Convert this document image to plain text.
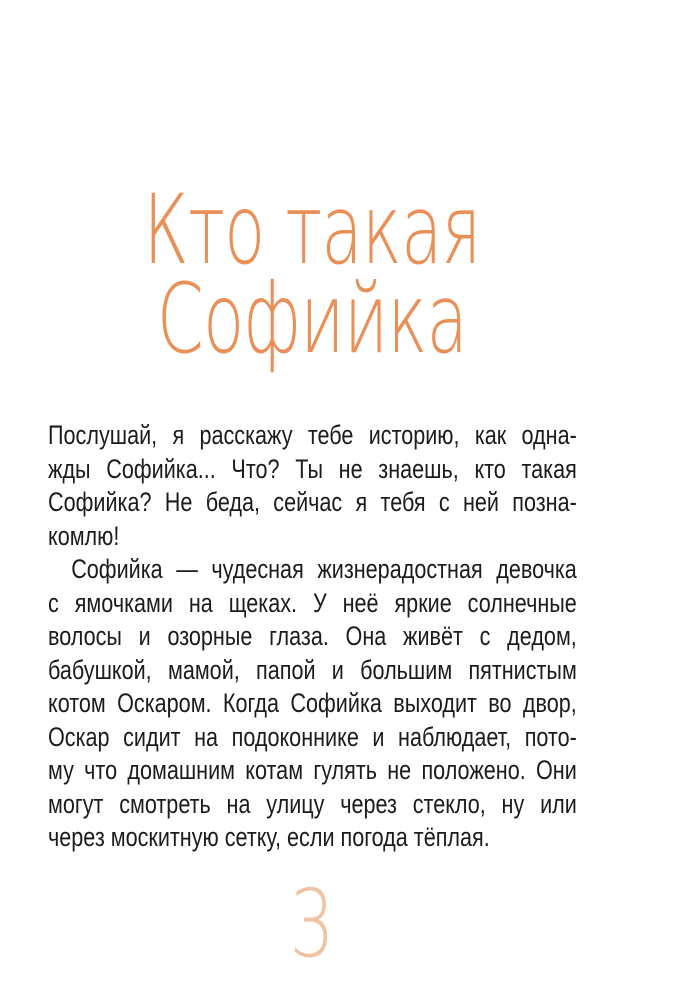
Кто такая
Софийка
Послушай, я расскажу тебе историю, как одна-
жды Софийка... Что? Ты не знаешь, кто такая
Софийка? Не беда, сейчас я тебя с ней позна-
комлю!
Софийка — чудесная жизнерадостная девочка
с ямочками на щеках. У неё яркие солнечные
волосы и озорные глаза. Она живёт с дедом,
бабушкой, мамой, папой и большим пятнистым
котом Оскаром. Когда Софийка выходит во двор,
Оскар сидит на подоконнике и наблюдает, пото-
му что домашним котам гулять не положено. Они
могут смотреть на улицу через стекло, ну или
через москитную сетку, если погода тёплая.
3
